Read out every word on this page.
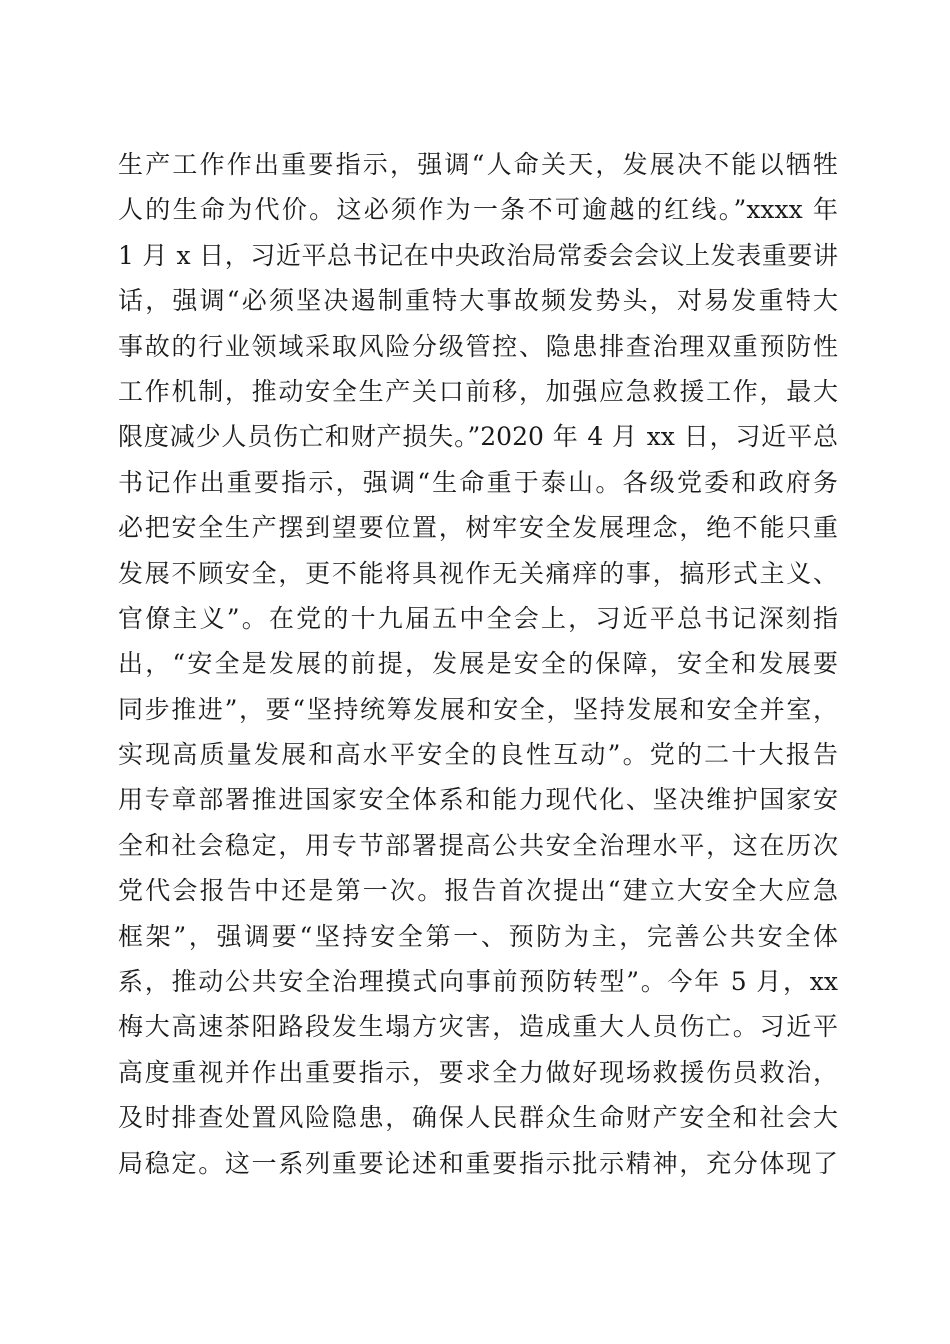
生产工作作出重要指示，强调“人命关天，发展决不能以牺牲
人的生命为代价。这必须作为一条不可逾越的红线。”xxxx 年
1 月 x 日，习近平总书记在中央政治局常委会会议上发表重要讲
话，强调“必须坚决遏制重特大事故频发势头，对易发重特大
事故的行业领域采取风险分级管控、隐患排查治理双重预防性
工作机制，推动安全生产关口前移，加强应急救援工作，最大
限度减少人员伤亡和财产损失。”2020 年 4 月 xx 日，习近平总
书记作出重要指示，强调“生命重于泰山。各级党委和政府务
必把安全生产摆到望要位置，树牢安全发展理念，绝不能只重
发展不顾安全，更不能将具视作无关痛痒的事，搞形式主义、
官僚主义”。在党的十九届五中全会上，习近平总书记深刻指
出，“安全是发展的前提，发展是安全的保障，安全和发展要
同步推进”，要“坚持统筹发展和安全，坚持发展和安全并室，
实现高质量发展和高水平安全的良性互动”。党的二十大报告
用专章部署推进国家安全体系和能力现代化、坚决维护国家安
全和社会稳定，用专节部署提高公共安全治理水平，这在历次
党代会报告中还是第一次。报告首次提出“建立大安全大应急
框架”，强调要“坚持安全第一、预防为主，完善公共安全体
系，推动公共安全治理摸式向事前预防转型”。今年 5 月，xx
梅大高速茶阳路段发生塌方灾害，造成重大人员伤亡。习近平
高度重视并作出重要指示，要求全力做好现场救援伤员救治，
及时排查处置风险隐患，确保人民群众生命财产安全和社会大
局稳定。这一系列重要论述和重要指示批示精神，充分体现了
